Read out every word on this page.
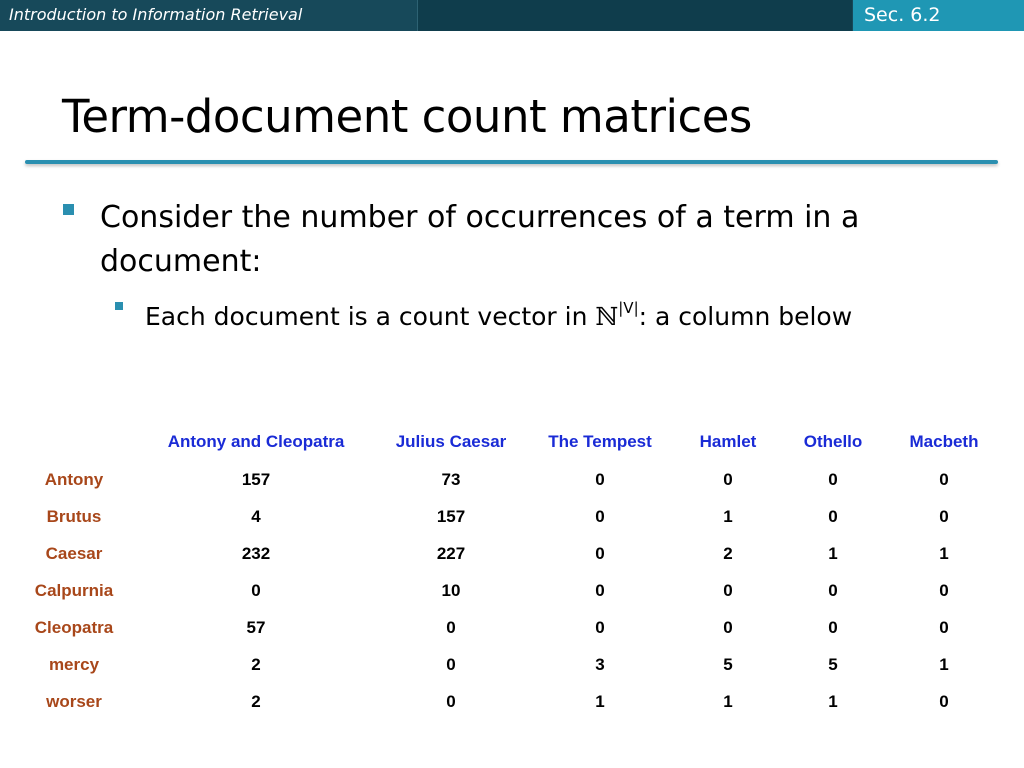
Introduction to Information Retrieval	Sec. 6.2
Term-document count matrices
Consider the number of occurrences of a term in a document:
Each document is a count vector in ℕ$^{|V|}$: a column below
	Antony and Cleopatra	Julius Caesar	The Tempest	Hamlet	Othello	Macbeth
Antony	157	73	0	0	0	0
Brutus	4	157	0	1	0	0
Caesar	232	227	0	2	1	1
Calpurnia	0	10	0	0	0	0
Cleopatra	57	0	0	0	0	0
mercy	2	0	3	5	5	1
worser	2	0	1	1	1	0
